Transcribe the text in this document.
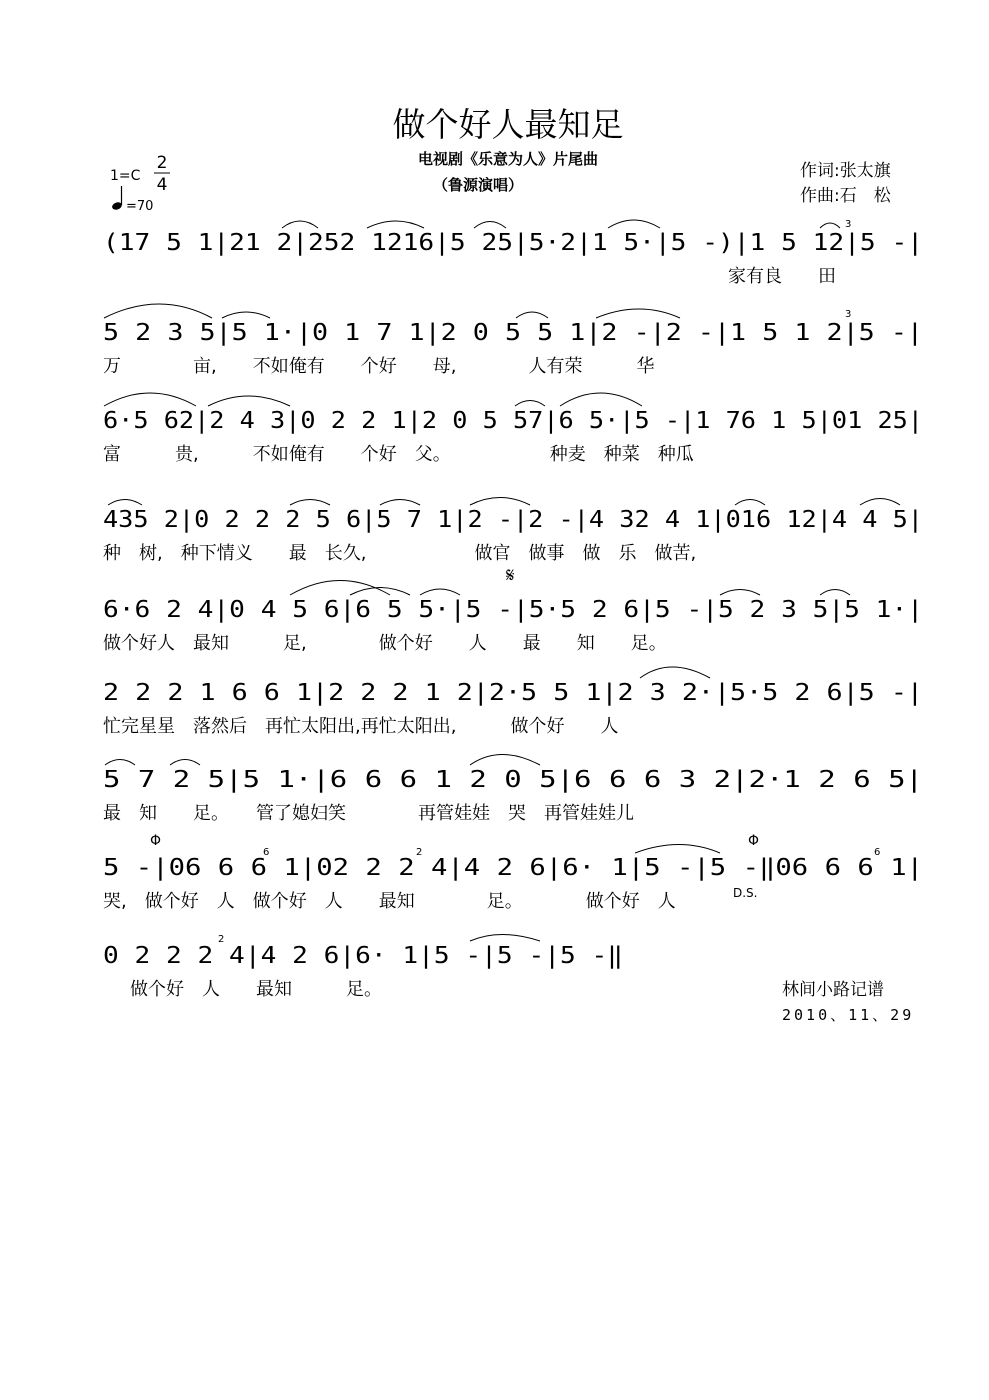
做个好人最知足
电视剧《乐意为人》片尾曲
（鲁源演唱）
1=C
2
4
=70
作词:张太旗
作曲:石　松
(17 5 1|21 2|252 1216|5 25|5·2|1 5·|5 -)|1 5 12|5 -|
家有良　　田
3
5 2 3 5|5 1·|0 1 7 1|2 0 5 5 1|2 -|2 -|1 5 1 2|5 -|
万　　　　亩,　　不如俺有　　个好　　母,　　　　人有荣　　　华
3
6·5 62|2 4 3|0 2 2 1|2 0 5 57|6 5·|5 -|1 76 1 5|01 25|
富　　　贵,　　　不如俺有　　个好　父。　　　　　　种麦　种菜　种瓜
435 2|0 2 2 2 5 6|5 7 1|2 -|2 -|4 32 4 1|016 12|4 4 5|
种　树,　种下情义　　最　长久,　　　　　　做官　做事　做　乐　做苦,
𝄋
6·6 2 4|0 4 5 6|6 5 5·|5 -|5·5 2 6|5 -|5 2 3 5|5 1·|
做个好人　最知　　　足,　　　　做个好　　人　　最　　知　　足。
2 2 2 1 6 6 1|2 2 2 1 2|2·5 5 1|2 3 2·|5·5 2 6|5 -|
忙完星星　落然后　再忙太阳出,再忙太阳出,　　　做个好　　人
5 7 2 5|5 1·|6 6 6 1 2 0 5|6 6 6 3 2|2·1 2 6 5|
最　知　　足。　　管了媳妇笑　　　　再管娃娃　哭　再管娃娃儿
Φ	Φ
6	2	6
5 -|06 6 6 1|02 2 2 4|4 2 6|6· 1|5 -|5 -‖06 6 6 1|
哭,　做个好　人　做个好　人　　最知　　　　足。　　　　做个好　人	D.S.
2
0 2 2 2 4|4 2 6|6· 1|5 -|5 -|5 -‖
　做个好　人　　最知　　　足。	林间小路记谱
2010、11、29
